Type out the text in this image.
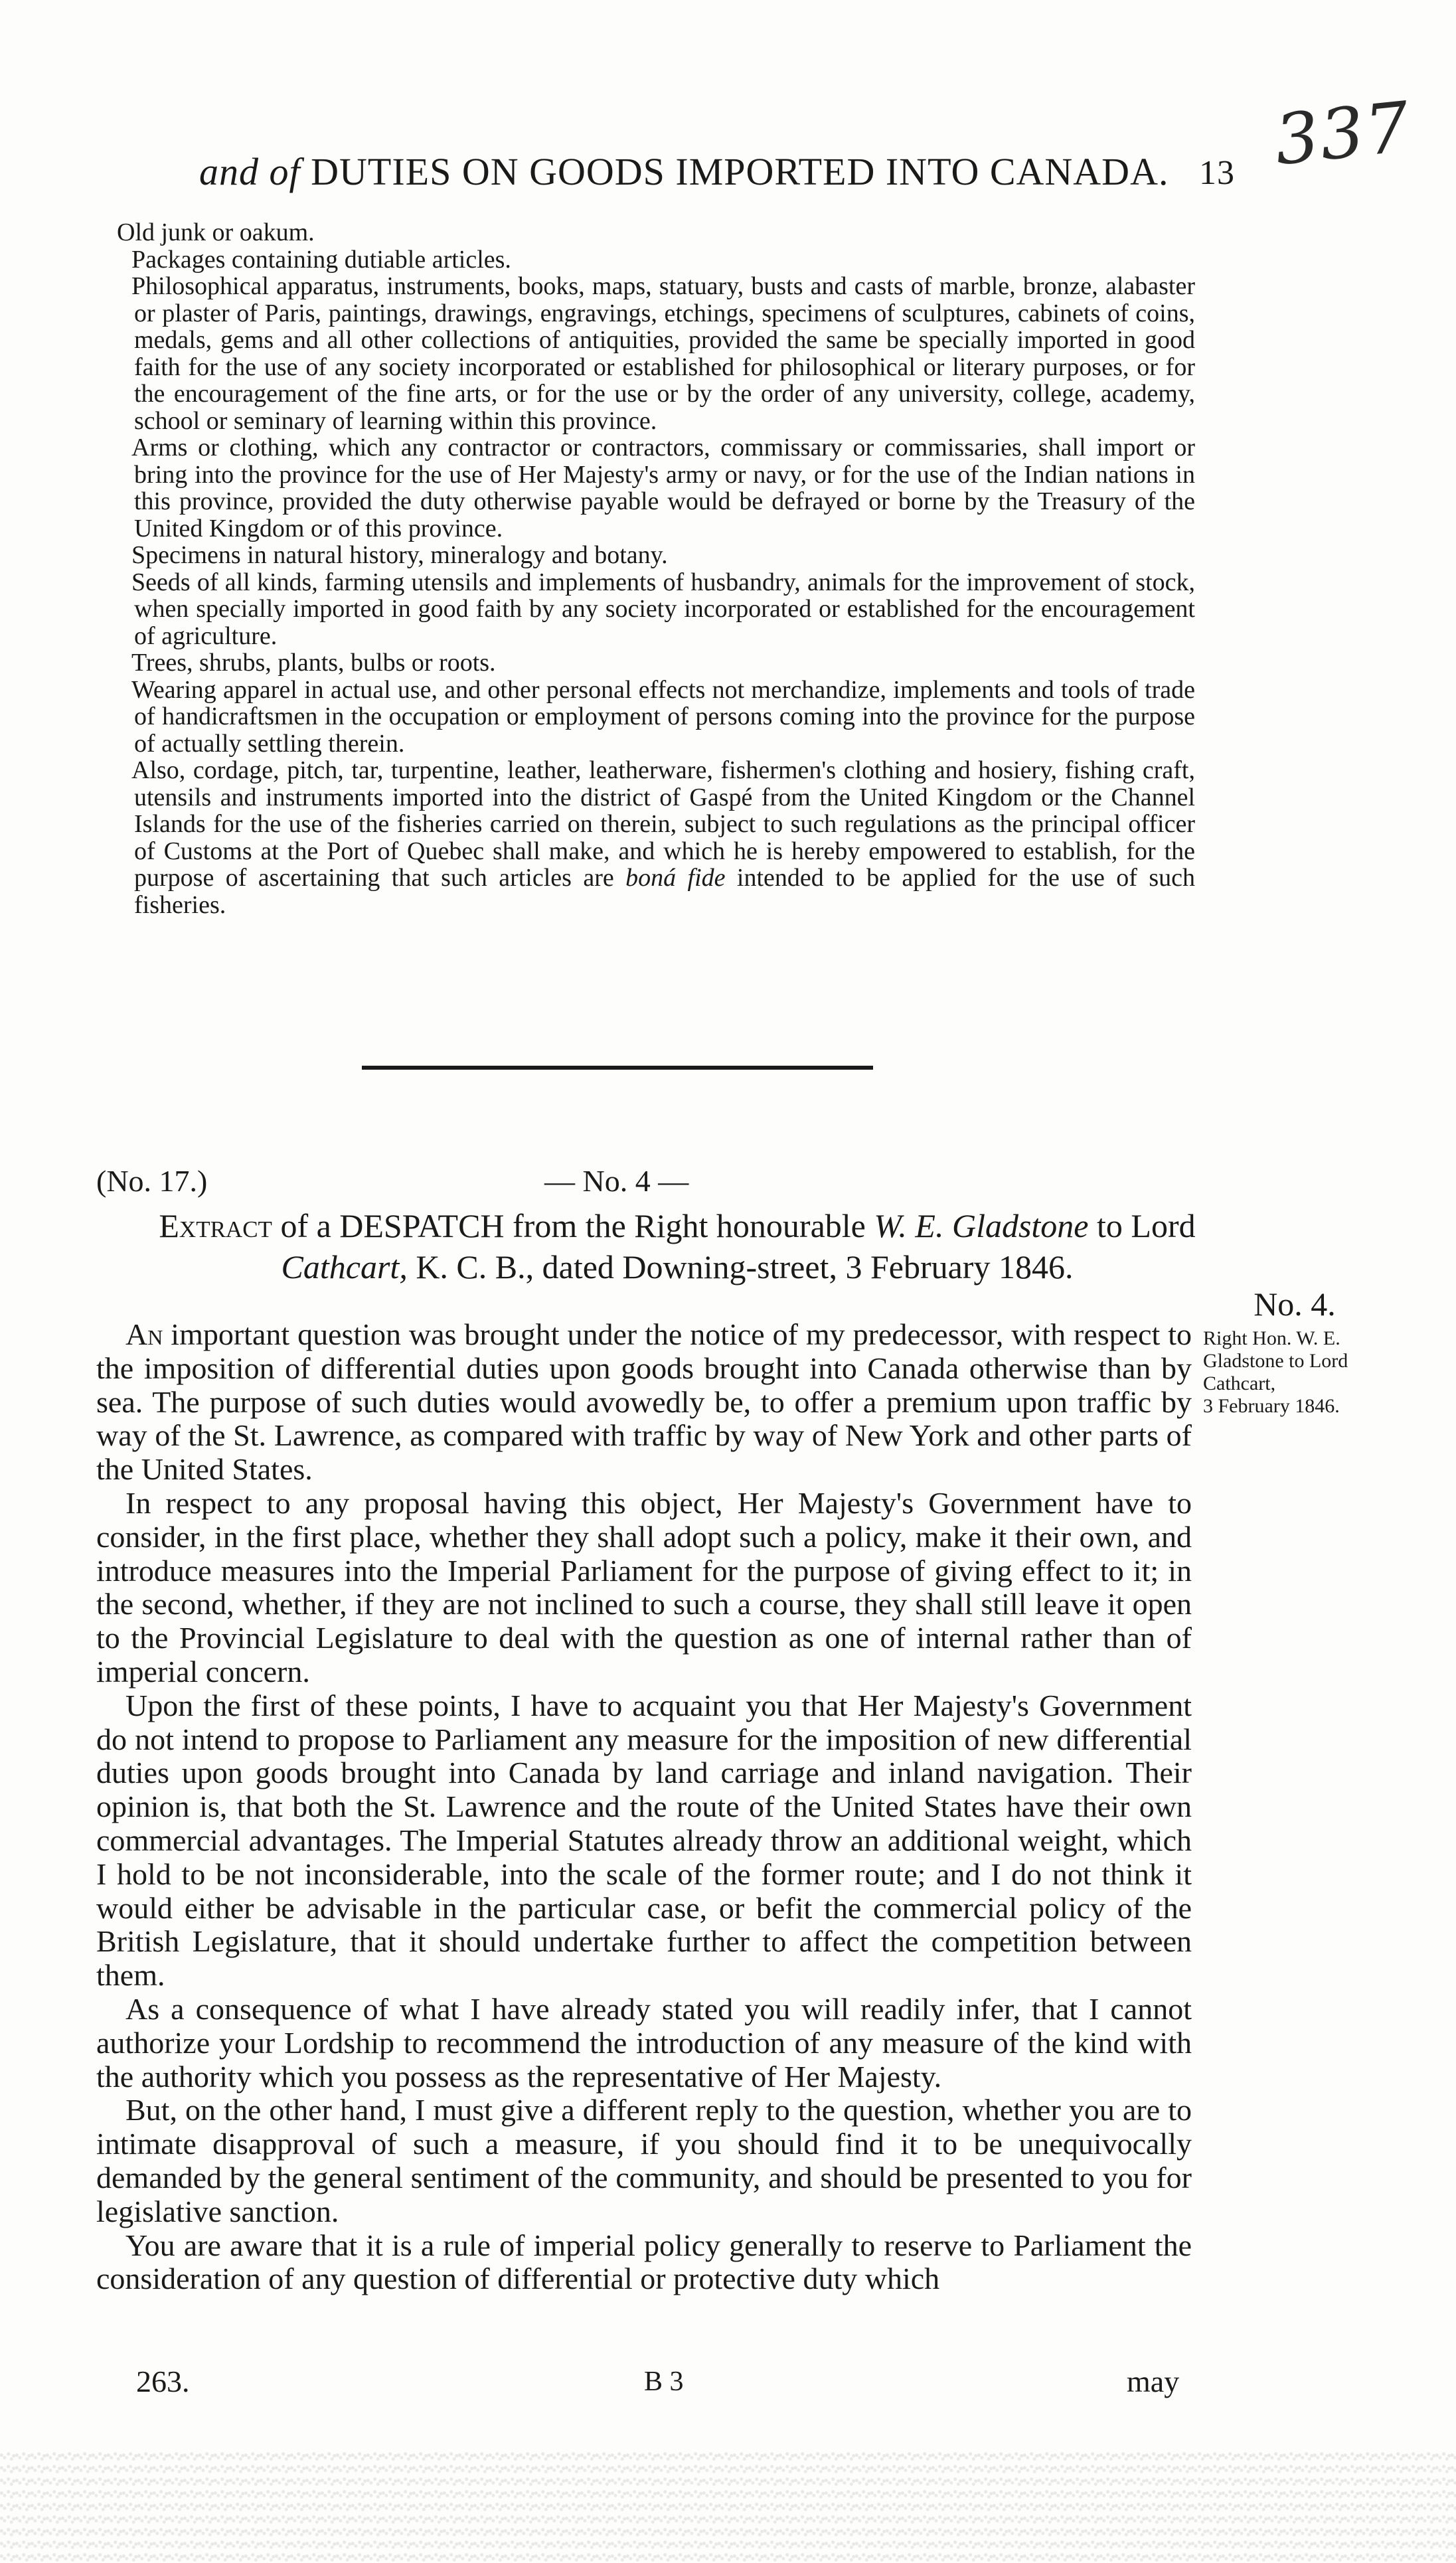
337
and of DUTIES ON GOODS IMPORTED INTO CANADA. 13

Old junk or oakum.

Packages containing dutiable articles.

Philosophical apparatus, instruments, books, maps, statuary, busts and casts of marble, bronze, alabaster or plaster of Paris, paintings, drawings, engravings, etchings, specimens of sculptures, cabinets of coins, medals, gems and all other collections of antiquities, provided the same be specially imported in good faith for the use of any society incorporated or established for philosophical or literary purposes, or for the encouragement of the fine arts, or for the use or by the order of any university, college, academy, school or seminary of learning within this province.

Arms or clothing, which any contractor or contractors, commissary or commissaries, shall import or bring into the province for the use of Her Majesty's army or navy, or for the use of the Indian nations in this province, provided the duty otherwise payable would be defrayed or borne by the Treasury of the United Kingdom or of this province.

Specimens in natural history, mineralogy and botany.

Seeds of all kinds, farming utensils and implements of husbandry, animals for the improvement of stock, when specially imported in good faith by any society incorporated or established for the encouragement of agriculture.

Trees, shrubs, plants, bulbs or roots.

Wearing apparel in actual use, and other personal effects not merchandize, implements and tools of trade of handicraftsmen in the occupation or employment of persons coming into the province for the purpose of actually settling therein.

Also, cordage, pitch, tar, turpentine, leather, leatherware, fishermen's clothing and hosiery, fishing craft, utensils and instruments imported into the district of Gaspé from the United Kingdom or the Channel Islands for the use of the fisheries carried on therein, subject to such regulations as the principal officer of Customs at the Port of Quebec shall make, and which he is hereby empowered to establish, for the purpose of ascertaining that such articles are boná fide intended to be applied for the use of such fisheries.

(No. 17.)	— No. 4 —
Extract of a DESPATCH from the Right honourable W. E. Gladstone to Lord Cathcart, K. C. B., dated Downing-street, 3 February 1846.
No. 4.
Right Hon. W. E.
Gladstone to Lord
Cathcart,
3 February 1846.

An important question was brought under the notice of my predecessor, with respect to the imposition of differential duties upon goods brought into Canada otherwise than by sea. The purpose of such duties would avowedly be, to offer a premium upon traffic by way of the St. Lawrence, as compared with traffic by way of New York and other parts of the United States.

In respect to any proposal having this object, Her Majesty's Government have to consider, in the first place, whether they shall adopt such a policy, make it their own, and introduce measures into the Imperial Parliament for the purpose of giving effect to it; in the second, whether, if they are not inclined to such a course, they shall still leave it open to the Provincial Legislature to deal with the question as one of internal rather than of imperial concern.

Upon the first of these points, I have to acquaint you that Her Majesty's Government do not intend to propose to Parliament any measure for the imposition of new differential duties upon goods brought into Canada by land carriage and inland navigation. Their opinion is, that both the St. Lawrence and the route of the United States have their own commercial advantages. The Imperial Statutes already throw an additional weight, which I hold to be not inconsiderable, into the scale of the former route; and I do not think it would either be advisable in the particular case, or befit the commercial policy of the British Legislature, that it should undertake further to affect the competition between them.

As a consequence of what I have already stated you will readily infer, that I cannot authorize your Lordship to recommend the introduction of any measure of the kind with the authority which you possess as the representative of Her Majesty.

But, on the other hand, I must give a different reply to the question, whether you are to intimate disapproval of such a measure, if you should find it to be unequivocally demanded by the general sentiment of the community, and should be presented to you for legislative sanction.

You are aware that it is a rule of imperial policy generally to reserve to Parliament the consideration of any question of differential or protective duty which

263.	B 3	may
